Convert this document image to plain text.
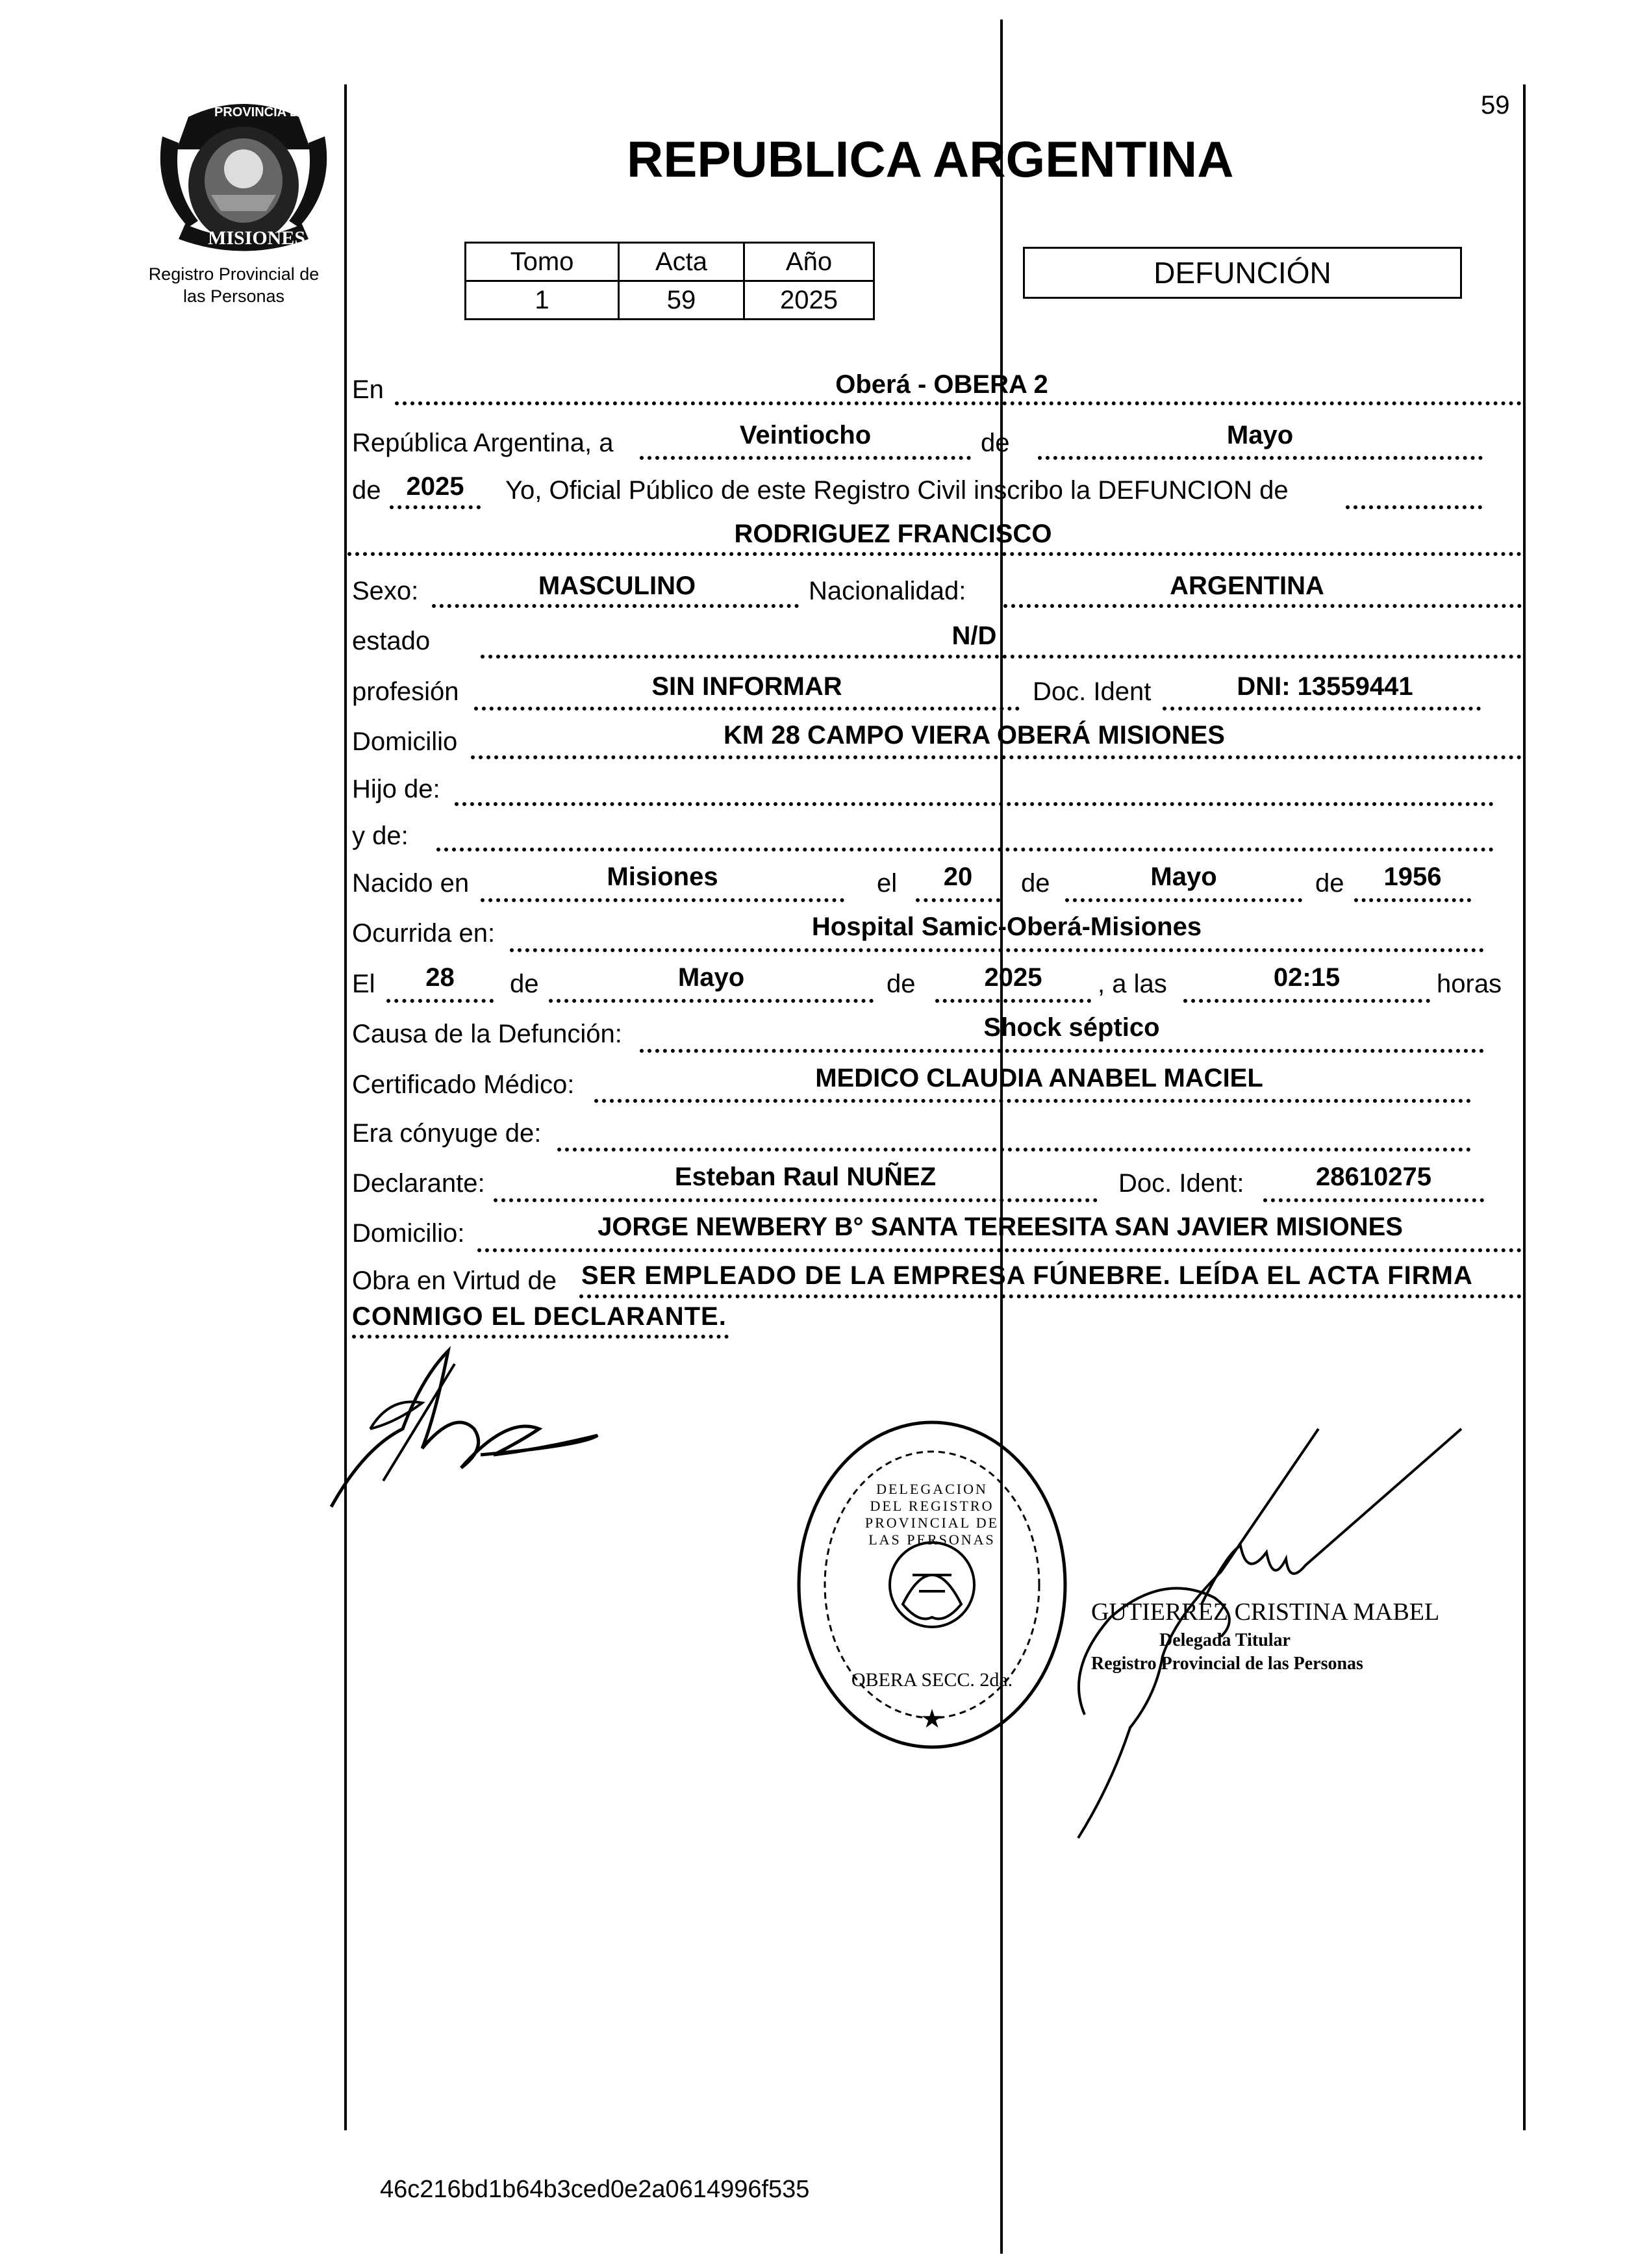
PROVINCIA DE
MISIONES
Registro Provincial de
las Personas
59
REPUBLICA ARGENTINA
Tomo	Acta	Año
1	59	2025
DEFUNCIÓN
En	Oberá - OBERA 2
República Argentina, a	Veintiocho	de	Mayo
de 2025	Yo, Oficial Público de este Registro Civil inscribo la DEFUNCION de
RODRIGUEZ FRANCISCO
Sexo:	MASCULINO	Nacionalidad:	ARGENTINA
estado	N/D
profesión	SIN INFORMAR	Doc. Ident	DNI: 13559441
Domicilio	KM 28 CAMPO VIERA OBERÁ MISIONES
Hijo de:
y de:
Nacido en	Misiones	el	20	de	Mayo	de	1956
Ocurrida en:	Hospital Samic-Oberá-Misiones
El	28	de	Mayo	de	2025	, a las	02:15	horas
Causa de la Defunción:	Shock séptico
Certificado Médico:	MEDICO CLAUDIA ANABEL MACIEL
Era cónyuge de:
Declarante:	Esteban Raul NUÑEZ	Doc. Ident:	28610275
Domicilio:	JORGE NEWBERY B° SANTA TEREESITA SAN JAVIER MISIONES
Obra en Virtud de SER EMPLEADO DE LA EMPRESA FÚNEBRE. LEÍDA EL ACTA FIRMA
CONMIGO EL DECLARANTE.
★
DELEGACION DEL REGISTRO PROVINCIAL DE LAS PERSONAS
OBERA SECC. 2da.
GUTIERREZ CRISTINA MABEL
Delegada Titular
Registro Provincial de las Personas
46c216bd1b64b3ced0e2a0614996f535
